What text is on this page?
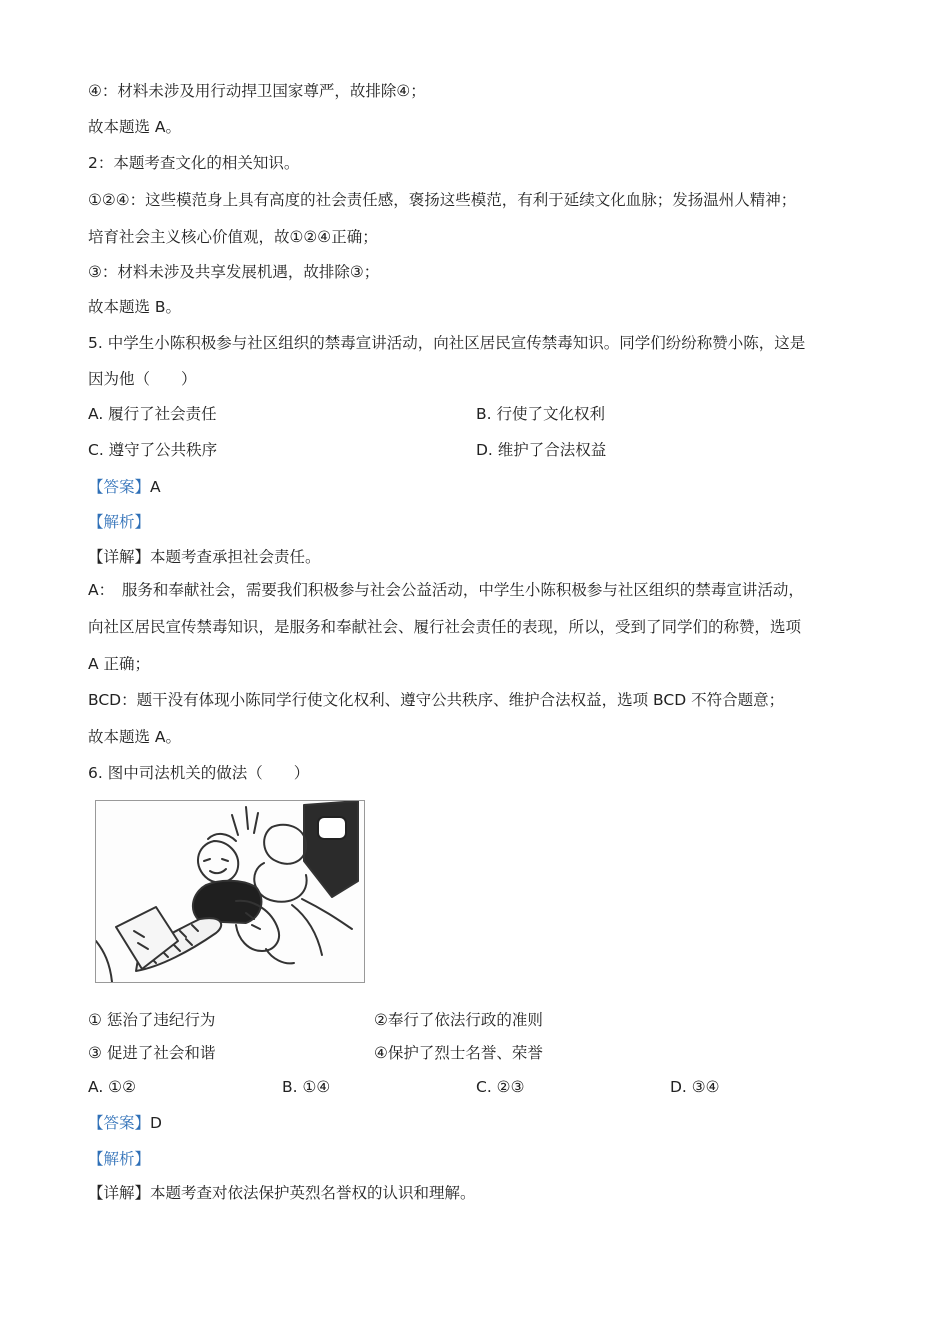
④：材料未涉及用行动捍卫国家尊严，故排除④；
故本题选 A。
2：本题考查文化的相关知识。
①②④：这些模范身上具有高度的社会责任感，褒扬这些模范，有利于延续文化血脉；发扬温州人精神；
培育社会主义核心价值观，故①②④正确；
③：材料未涉及共享发展机遇，故排除③；
故本题选 B。
5. 中学生小陈积极参与社区组织的禁毒宣讲活动，向社区居民宣传禁毒知识。同学们纷纷称赞小陈，这是
因为他（　　）
A. 履行了社会责任	B. 行使了文化权利
C. 遵守了公共秩序	D. 维护了合法权益
【答案】A
【解析】
【详解】本题考查承担社会责任。
A：　服务和奉献社会，需要我们积极参与社会公益活动，中学生小陈积极参与社区组织的禁毒宣讲活动，
向社区居民宣传禁毒知识，是服务和奉献社会、履行社会责任的表现，所以，受到了同学们的称赞，选项
A 正确；
BCD：题干没有体现小陈同学行使文化权利、遵守公共秩序、维护合法权益，选项 BCD 不符合题意；
故本题选 A。
6. 图中司法机关的做法（　　）
① 惩治了违纪行为	②奉行了依法行政的准则
③ 促进了社会和谐	④保护了烈士名誉、荣誉
A. ①②	B. ①④	C. ②③	D. ③④
【答案】D
【解析】
【详解】本题考查对依法保护英烈名誉权的认识和理解。
